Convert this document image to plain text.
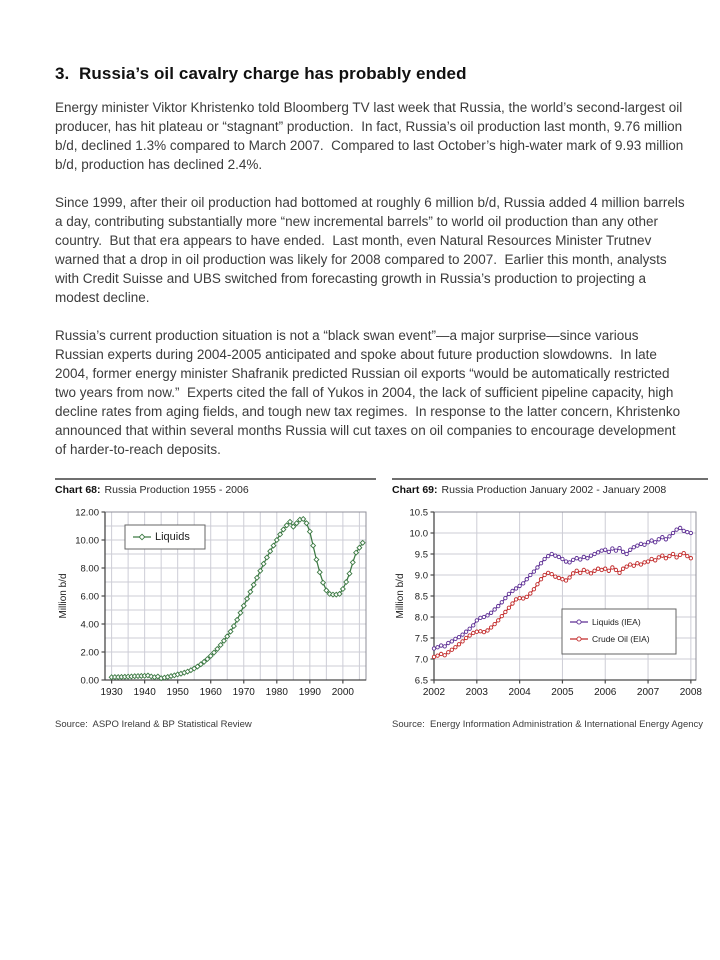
3.  Russia’s oil cavalry charge has probably ended

Energy minister Viktor Khristenko told Bloomberg TV last week that Russia, the world’s second-largest oil producer, has hit plateau or “stagnant” production.  In fact, Russia’s oil production last month, 9.76 million b/d, declined 1.3% compared to March 2007.  Compared to last October’s high-water mark of 9.93 million b/d, production has declined 2.4%.

Since 1999, after their oil production had bottomed at roughly 6 million b/d, Russia added 4 million barrels a day, contributing substantially more “new incremental barrels” to world oil production than any other country.  But that era appears to have ended.  Last month, even Natural Resources Minister Trutnev warned that a drop in oil production was likely for 2008 compared to 2007.  Earlier this month, analysts with Credit Suisse and UBS switched from forecasting growth in Russia’s production to projecting a modest decline.

Russia’s current production situation is not a “black swan event”—a major surprise—since various Russian experts during 2004-2005 anticipated and spoke about future production slowdowns.  In late 2004, former energy minister Shafranik predicted Russian oil exports “would be automatically restricted two years from now.”  Experts cited the fall of Yukos in 2004, the lack of sufficient pipeline capacity, high decline rates from aging fields, and tough new tax regimes.  In response to the latter concern, Khristenko announced that within several months Russia will cut taxes on oil companies to encourage development of harder-to-reach deposits.

Chart 68: Russia Production 1955 - 2006
1930 1940 1950 1960 1970 1980 1990 2000
0.00
2.00
4.00
6.00
8.00
10.00
12.00
Million b/d
Liquids
Source:  ASPO Ireland & BP Statistical Review
Chart 69: Russia Production January 2002 - January 2008
2002 2003 2004 2005 2006 2007 2008
6.5
7.0
7.5
8.0
8.5
9.0
9.5
10.0
10.5
Million b/d
Liquids (IEA)
Crude Oil (EIA)
Source:  Energy Information Administration & International Energy Agency
